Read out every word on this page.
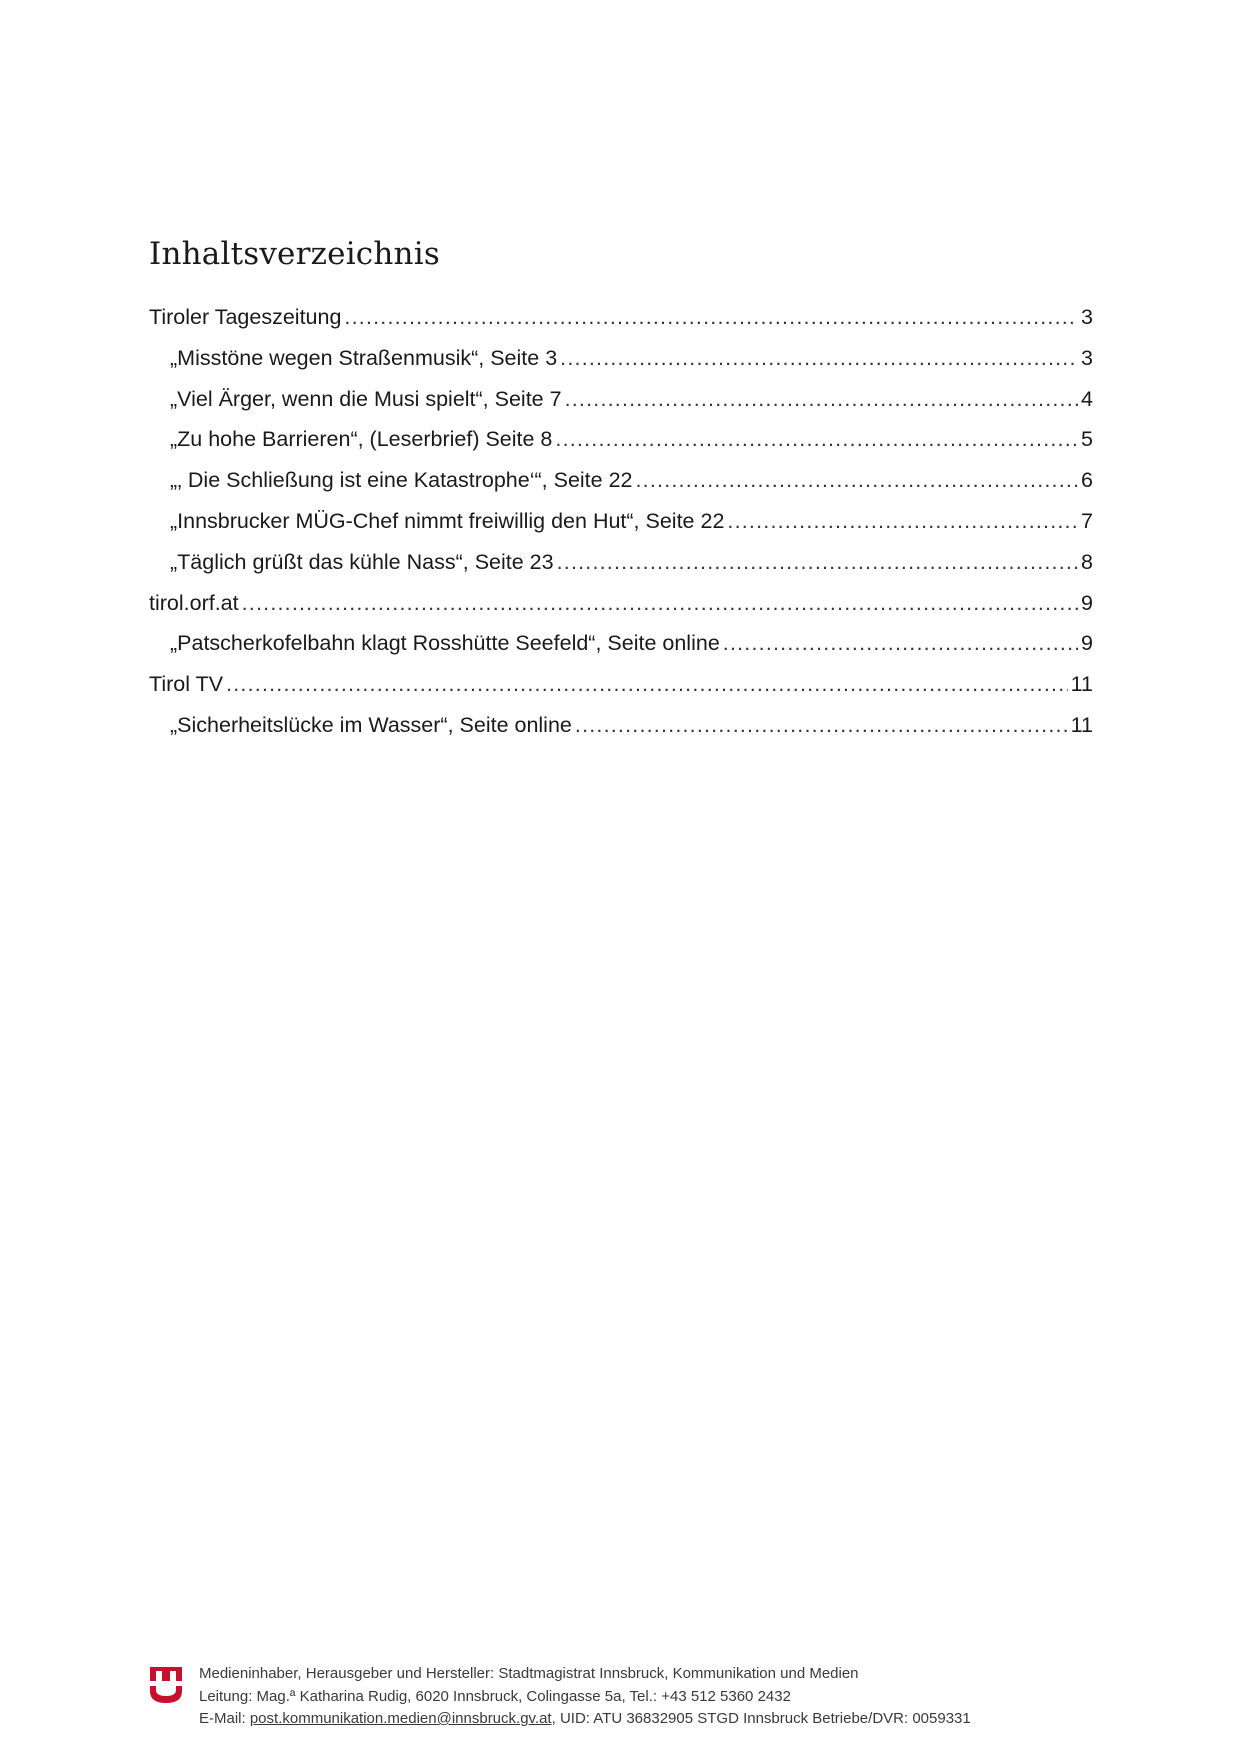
Inhaltsverzeichnis
Tiroler Tageszeitung .....	3
„Misstöne wegen Straßenmusik“, Seite 3 .....	3
„Viel Ärger, wenn die Musi spielt“, Seite 7 .....	4
„Zu hohe Barrieren“, (Leserbrief) Seite 8 .....	5
„‚ Die Schließung ist eine Katastrophe‘“, Seite 22 .....	6
„Innsbrucker MÜG-Chef nimmt freiwillig den Hut“, Seite 22 .....	7
„Täglich grüßt das kühle Nass“, Seite 23 .....	8
tirol.orf.at .....	9
„Patscherkofelbahn klagt Rosshütte Seefeld“, Seite online .....	9
Tirol TV .....	11
„Sicherheitslücke im Wasser“, Seite online .....	11
Medieninhaber, Herausgeber und Hersteller: Stadtmagistrat Innsbruck, Kommunikation und Medien
Leitung: Mag.ª Katharina Rudig, 6020 Innsbruck, Colingasse 5a, Tel.: +43 512 5360 2432
E-Mail: post.kommunikation.medien@innsbruck.gv.at, UID: ATU 36832905 STGD Innsbruck Betriebe/DVR: 0059331
